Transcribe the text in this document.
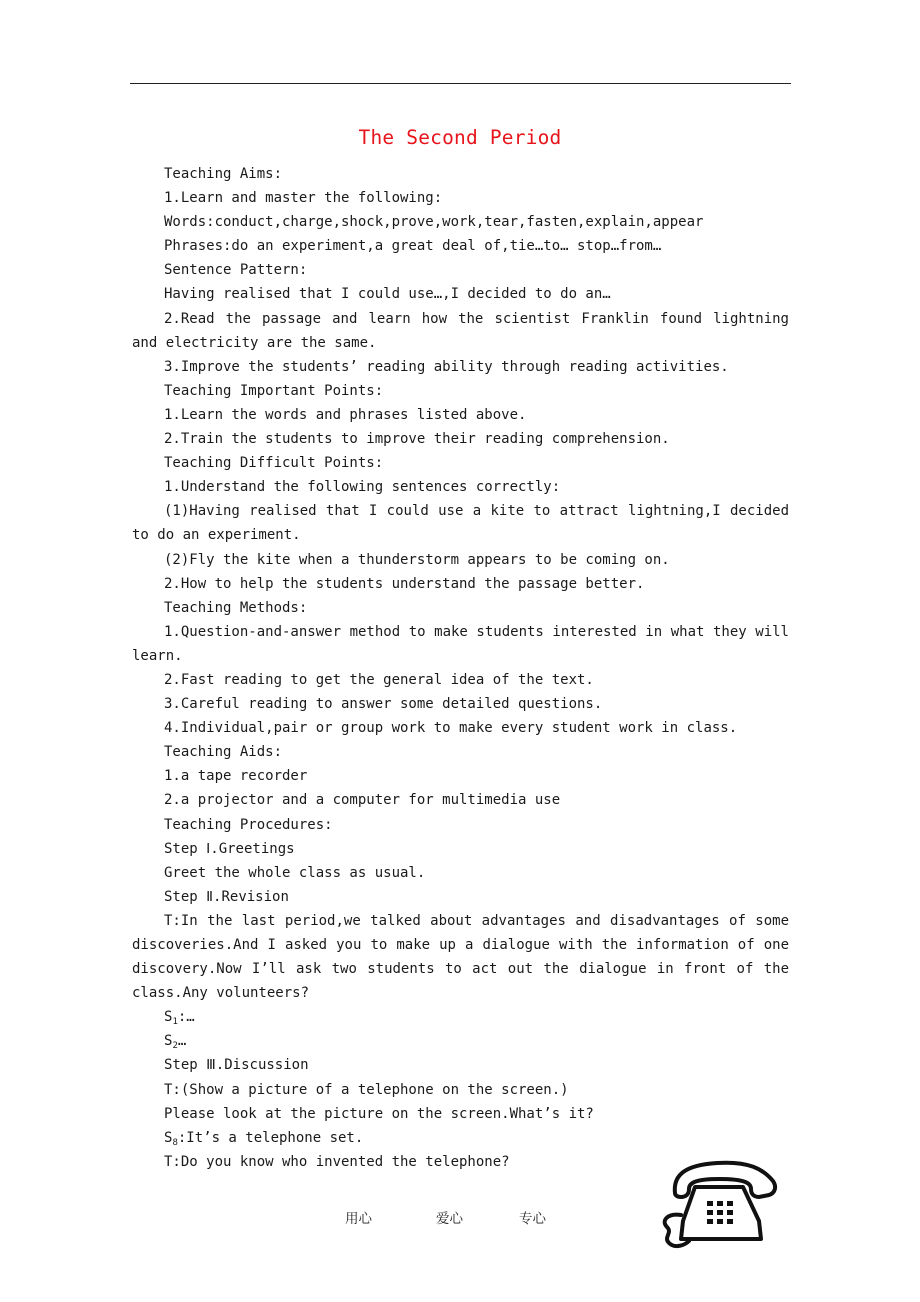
The Second Period

Teaching Aims:

1.Learn and master the following:

Words:conduct,charge,shock,prove,work,tear,fasten,explain,appear

Phrases:do an experiment,a great deal of,tie…to… stop…from…

Sentence Pattern:

Having realised that I could use…,I decided to do an…

2.Read the passage and learn how the scientist Franklin found lightning and electricity are the same.

3.Improve the students’ reading ability through reading activities.

Teaching Important Points:

1.Learn the words and phrases listed above.

2.Train the students to improve their reading comprehension.

Teaching Difficult Points:

1.Understand the following sentences correctly:

(1)Having realised that I could use a kite to attract lightning,I decided to do an experiment.

(2)Fly the kite when a thunderstorm appears to be coming on.

2.How to help the students understand the passage better.

Teaching Methods:

1.Question-and-answer method to make students interested in what they will learn.

2.Fast reading to get the general idea of the text.

3.Careful reading to answer some detailed questions.

4.Individual,pair or group work to make every student work in class.

Teaching Aids:

1.a tape recorder

2.a projector and a computer for multimedia use

Teaching Procedures:

Step Ⅰ.Greetings

Greet the whole class as usual.

Step Ⅱ.Revision

T:In the last period,we talked about advantages and disadvantages of some discoveries.And I asked you to make up a dialogue with the information of one discovery.Now I’ll ask two students to act out the dialogue in front of the class.Any volunteers?

$S_1:\dots$

$S_2\dots$

Step Ⅲ.Discussion

T:(Show a picture of a telephone on the screen.)

Please look at the picture on the screen.What’s it?

$S_8:It’s$ a telephone set.

T:Do you know who invented the telephone?

用心	爱心	专心
